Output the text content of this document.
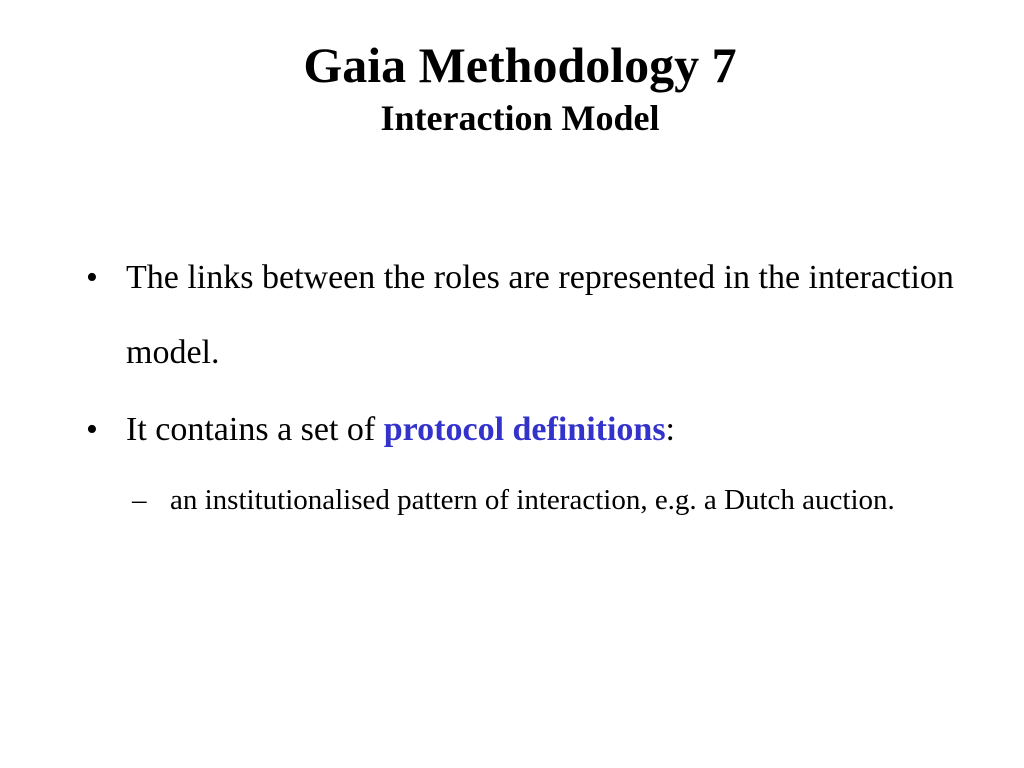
Gaia Methodology 7
Interaction Model
• The links between the roles are represented in the interaction model.
• It contains a set of protocol definitions:
– an institutionalised pattern of interaction, e.g. a Dutch auction.
